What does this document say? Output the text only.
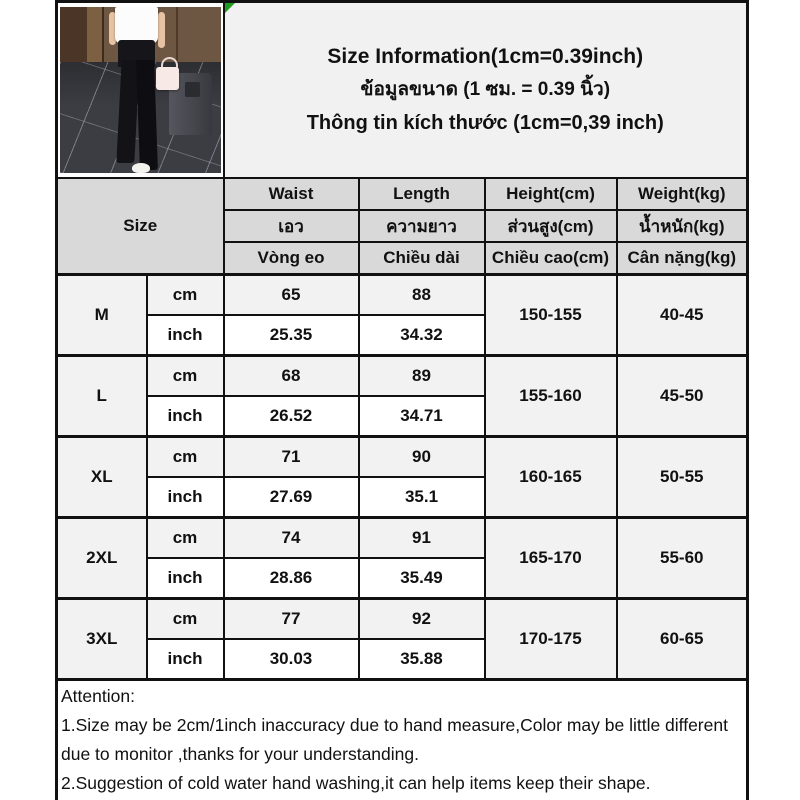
		Size Information(1cm=0.39inch)
ข้อมูลขนาด (1 ซม. = 0.39 นิ้ว)
Thông tin kích thước (1cm=0,39 inch)			

Size		Waist	Length	Height(cm)	Weight(kg)
		เอว	ความยาว	ส่วนสูง(cm)	น้ำหนัก(kg)
		Vòng eo	Chiều dài	Chiều cao(cm)	Cân nặng(kg)
M	cm	65	88	150-155	40-45
	inch	25.35	34.32		
L	cm	68	89	155-160	45-50
	inch	26.52	34.71		
XL	cm	71	90	160-165	50-55
	inch	27.69	35.1		
2XL	cm	74	91	165-170	55-60
	inch	28.86	35.49		
3XL	cm	77	92	170-175	60-65
	inch	30.03	35.88		

Attention:
1.Size may be 2cm/1inch inaccuracy due to hand measure,Color may be little different due to monitor ,thanks for your understanding.
2.Suggestion of cold water hand washing,it can help items keep their shape.					
